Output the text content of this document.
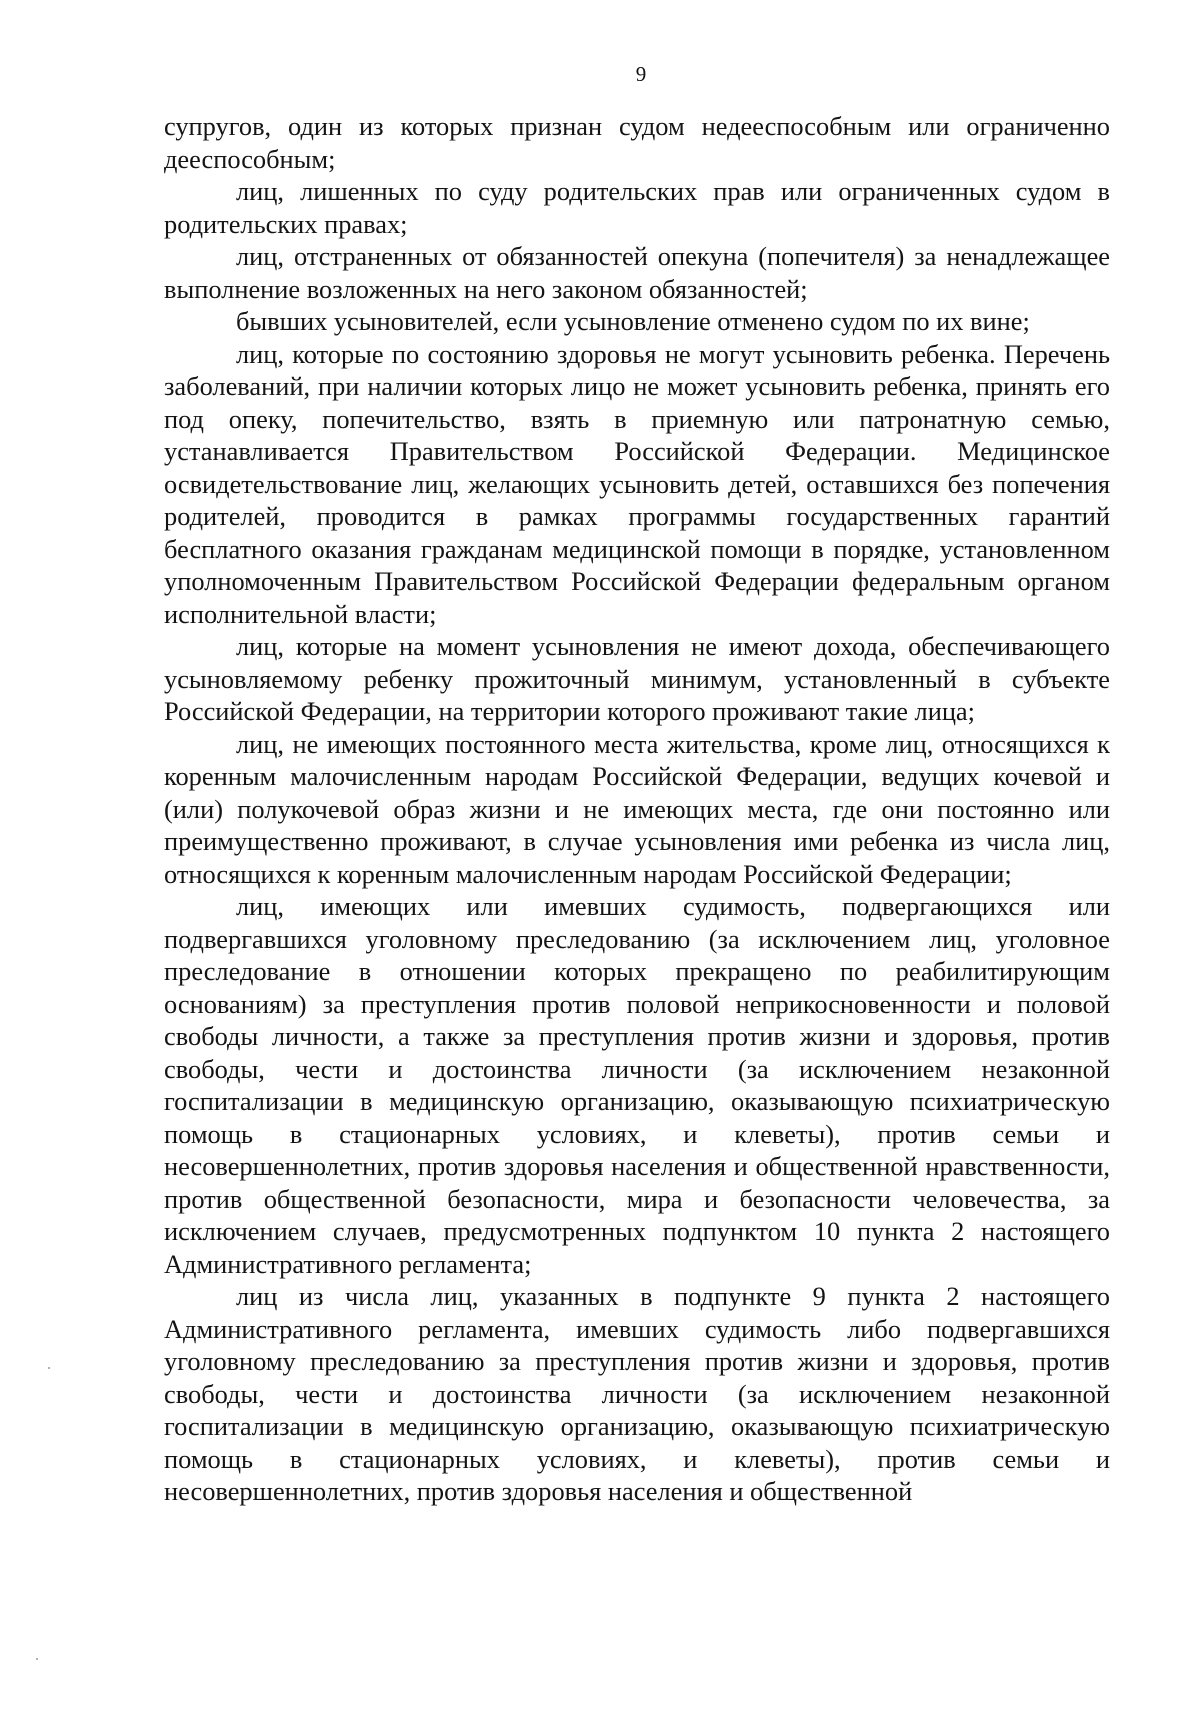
9

супругов, один из которых признан судом недееспособным или ограниченно дееспособным;

лиц, лишенных по суду родительских прав или ограниченных судом в родительских правах;

лиц, отстраненных от обязанностей опекуна (попечителя) за ненадлежащее выполнение возложенных на него законом обязанностей;

бывших усыновителей, если усыновление отменено судом по их вине;

лиц, которые по состоянию здоровья не могут усыновить ребенка. Перечень заболеваний, при наличии которых лицо не может усыновить ребенка, принять его под опеку, попечительство, взять в приемную или патронатную семью, устанавливается Правительством Российской Федерации. Медицинское освидетельствование лиц, желающих усыновить детей, оставшихся без попечения родителей, проводится в рамках программы государственных гарантий бесплатного оказания гражданам медицинской помощи в порядке, установленном уполномоченным Правительством Российской Федерации федеральным органом исполнительной власти;

лиц, которые на момент усыновления не имеют дохода, обеспечивающего усыновляемому ребенку прожиточный минимум, установленный в субъекте Российской Федерации, на территории которого проживают такие лица;

лиц, не имеющих постоянного места жительства, кроме лиц, относящихся к коренным малочисленным народам Российской Федерации, ведущих кочевой и (или) полукочевой образ жизни и не имеющих места, где они постоянно или преимущественно проживают, в случае усыновления ими ребенка из числа лиц, относящихся к коренным малочисленным народам Российской Федерации;

лиц, имеющих или имевших судимость, подвергающихся или подвергавшихся уголовному преследованию (за исключением лиц, уголовное преследование в отношении которых прекращено по реабилитирующим основаниям) за преступления против половой неприкосновенности и половой свободы личности, а также за преступления против жизни и здоровья, против свободы, чести и достоинства личности (за исключением незаконной госпитализации в медицинскую организацию, оказывающую психиатрическую помощь в стационарных условиях, и клеветы), против семьи и несовершеннолетних, против здоровья населения и общественной нравственности, против общественной безопасности, мира и безопасности человечества, за исключением случаев, предусмотренных подпунктом 10 пункта 2 настоящего Административного регламента;

лиц из числа лиц, указанных в подпункте 9 пункта 2 настоящего Административного регламента, имевших судимость либо подвергавшихся уголовному преследованию за преступления против жизни и здоровья, против свободы, чести и достоинства личности (за исключением незаконной госпитализации в медицинскую организацию, оказывающую психиатрическую помощь в стационарных условиях, и клеветы), против семьи и несовершеннолетних, против здоровья населения и общественной
